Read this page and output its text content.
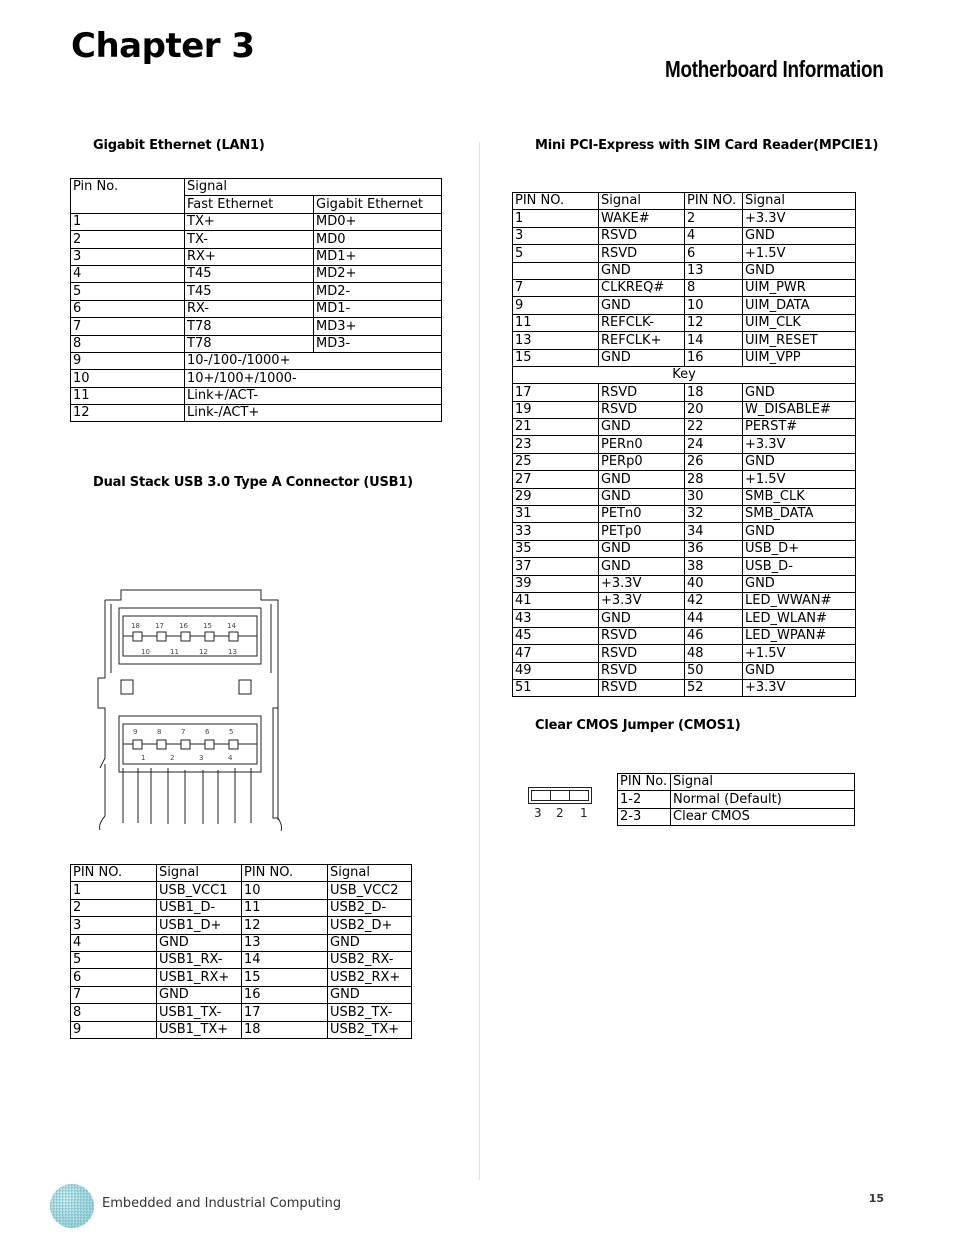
Chapter 3
Motherboard Information
Gigabit Ethernet (LAN1)
Pin No.	Signal	
	Fast Ethernet	Gigabit Ethernet
1	TX+	MD0+
2	TX-	MD0
3	RX+	MD1+
4	T45	MD2+
5	T45	MD2-
6	RX-	MD1-
7	T78	MD3+
8	T78	MD3-
9	10-/100-/1000+	
10	10+/100+/1000-	
11	Link+/ACT-	
12	Link-/ACT+	
Dual Stack USB 3.0 Type A Connector (USB1)
18 17 16 15 14
10	11	12	13
9	8	7	6	5
1	2	3	4
PIN NO.	Signal	PIN NO.	Signal
1	USB_VCC1	10	USB_VCC2
2	USB1_D-	11	USB2_D-
3	USB1_D+	12	USB2_D+
4	GND	13	GND
5	USB1_RX-	14	USB2_RX-
6	USB1_RX+	15	USB2_RX+
7	GND	16	GND
8	USB1_TX-	17	USB2_TX-
9	USB1_TX+	18	USB2_TX+
Mini PCI-Express with SIM Card Reader(MPCIE1)
PIN NO.	Signal	PIN NO.	Signal
1	WAKE#	2	+3.3V
3	RSVD	4	GND
5	RSVD	6	+1.5V
	GND	13	GND
7	CLKREQ#	8	UIM_PWR
9	GND	10	UIM_DATA
11	REFCLK-	12	UIM_CLK
13	REFCLK+	14	UIM_RESET
15	GND	16	UIM_VPP
Key			
17	RSVD	18	GND
19	RSVD	20	W_DISABLE#
21	GND	22	PERST#
23	PERn0	24	+3.3V
25	PERp0	26	GND
27	GND	28	+1.5V
29	GND	30	SMB_CLK
31	PETn0	32	SMB_DATA
33	PETp0	34	GND
35	GND	36	USB_D+
37	GND	38	USB_D-
39	+3.3V	40	GND
41	+3.3V	42	LED_WWAN#
43	GND	44	LED_WLAN#
45	RSVD	46	LED_WPAN#
47	RSVD	48	+1.5V
49	RSVD	50	GND
51	RSVD	52	+3.3V
Clear CMOS Jumper (CMOS1)
3 2 1
PIN No.	Signal
1-2	Normal (Default)
2-3	Clear CMOS
Embedded and Industrial Computing	15
